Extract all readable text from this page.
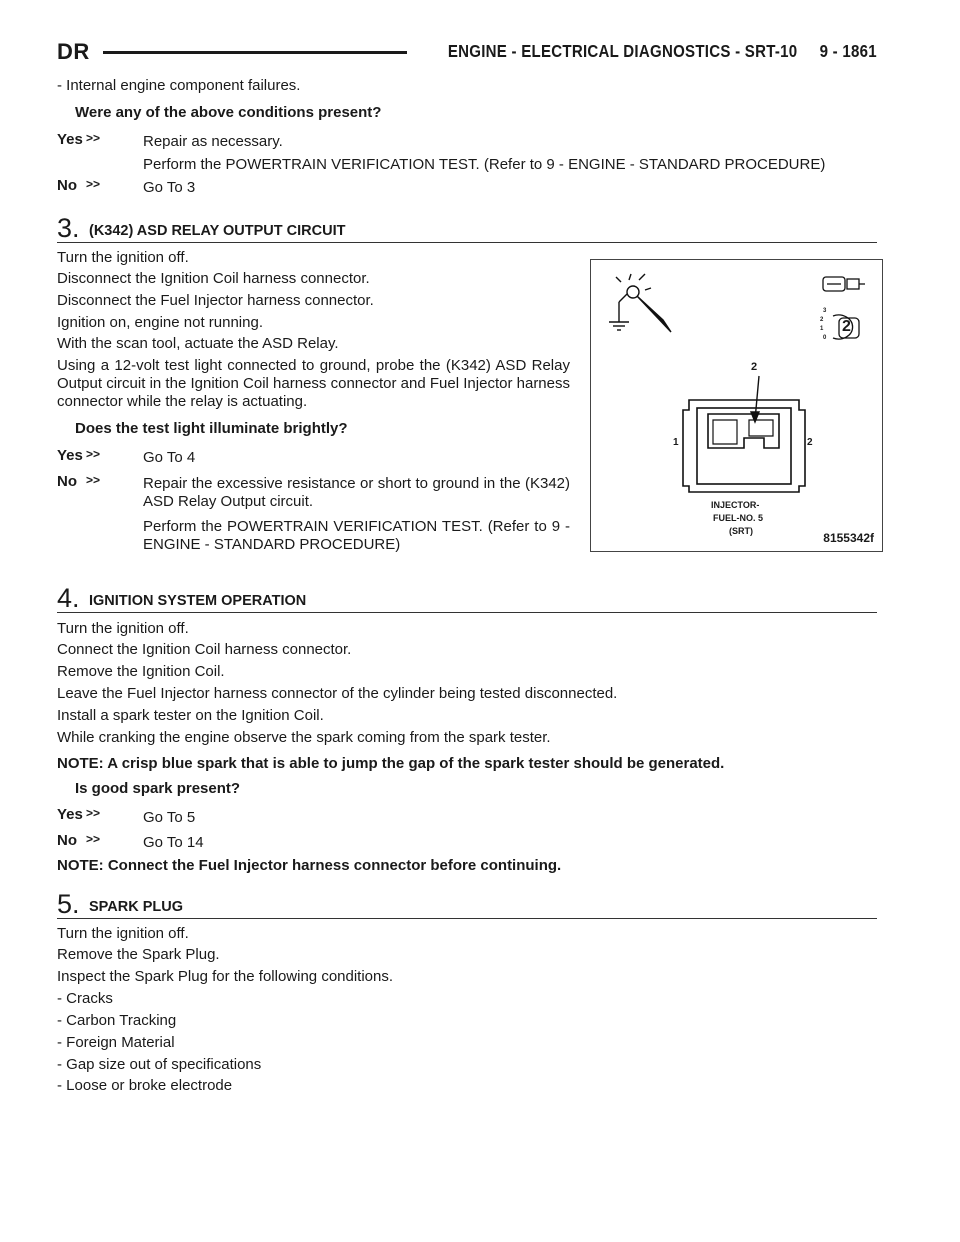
DR	ENGINE - ELECTRICAL DIAGNOSTICS - SRT-10     9 - 1861
- Internal engine component failures.
Were any of the above conditions present?
Yes >>	Repair as necessary.
Perform the POWERTRAIN VERIFICATION TEST. (Refer to 9 - ENGINE - STANDARD PROCEDURE)
No >>	Go To 3
3. (K342) ASD RELAY OUTPUT CIRCUIT
Turn the ignition off.
Disconnect the Ignition Coil harness connector.
Disconnect the Fuel Injector harness connector.
Ignition on, engine not running.
With the scan tool, actuate the ASD Relay.
Using a 12-volt test light connected to ground, probe the (K342) ASD Relay Output circuit in the Ignition Coil harness connector and Fuel Injector harness connector while the relay is actuating.
Does the test light illuminate brightly?
Yes >>	Go To 4
No >>	Repair the excessive resistance or short to ground in the (K342) ASD Relay Output circuit.
Perform the POWERTRAIN VERIFICATION TEST. (Refer to 9 - ENGINE - STANDARD PROCEDURE)
2
1	2
2
3
2
1
0
INJECTOR-
FUEL-NO. 5
(SRT)	8155342f
4. IGNITION SYSTEM OPERATION
Turn the ignition off.
Connect the Ignition Coil harness connector.
Remove the Ignition Coil.
Leave the Fuel Injector harness connector of the cylinder being tested disconnected.
Install a spark tester on the Ignition Coil.
While cranking the engine observe the spark coming from the spark tester.
NOTE: A crisp blue spark that is able to jump the gap of the spark tester should be generated.
Is good spark present?
Yes >>	Go To 5
No >>	Go To 14
NOTE: Connect the Fuel Injector harness connector before continuing.
5. SPARK PLUG
Turn the ignition off.
Remove the Spark Plug.
Inspect the Spark Plug for the following conditions.
- Cracks
- Carbon Tracking
- Foreign Material
- Gap size out of specifications
- Loose or broke electrode
